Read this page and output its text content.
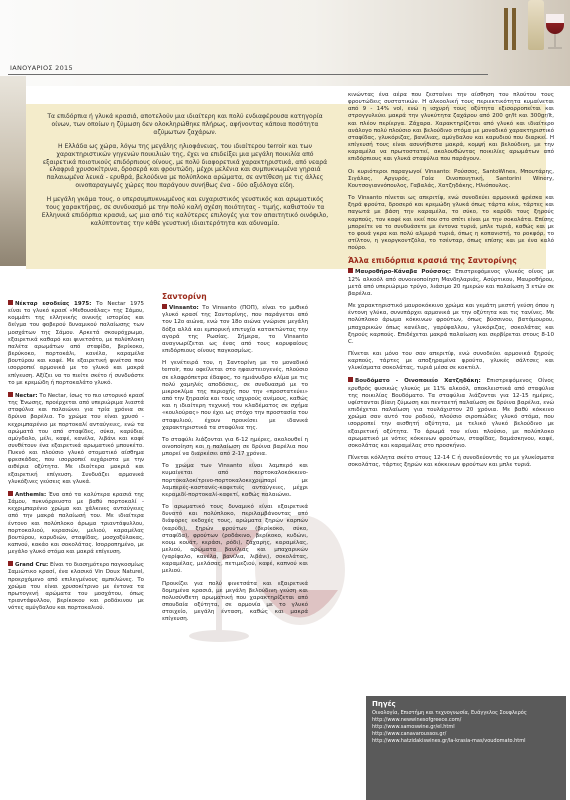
ΙΑΝΟΥΑΡΙΟΣ 2015

Τα επιδόρπια ή γλυκά κρασιά, αποτελούν μια ιδιαίτερη και πολύ ενδιαφέρουσα κατηγορία οίνων, των οποίων η ζύμωση δεν ολοκληρώθηκε πλήρως, αφήνοντας κάποια ποσότητα αζύμωτων ζαχάρων.

Η Ελλάδα ως χώρα, λόγω της μεγάλης ηλιοφάνειας, του ιδιαίτερου terroir και των χαρακτηριστικών γηγενών ποικιλιών της, έχει να επιδείξει μια μεγάλη ποικιλία από εξαιρετικά ποιοτικούς επιδόρπιους οίνους, με πολύ διαφορετικά χαρακτηριστικά, από νεαρά ελαφριά χρυσοκίτρινα, δροσερά και φρουτώδη, μέχρι μελένια και συμπυκνωμένα γηραιά παλαιωμένα λευκά - ερυθρά, βελούδινα με πολύπλοκα αρώματα, σε αντίθεση με τις άλλες οινοπαραγωγές χώρες που παράγουν συνήθως ένα - δύο αξιόλογα είδη.

Η μεγάλη γκάμα τους, ο υπερσυμπυκνωμένος και ευχαριστικός γευστικός και αρωματικός τους χαρακτήρας, σε συνδυασμό με την πολύ καλή σχέση ποιότητας - τιμής, καθιστούν τα Ελληνικά επιδόρπια κρασιά, ως μια από τις καλύτερες επιλογές για τον απαιτητικό οινόφιλο, καλύπτοντας την κάθε γευστική ιδιαιτερότητα και αδυναμία.

Νέκταρ εσοδείας 1975: Το Nectar 1975 είναι το γλυκό κρασί «Μεθουσάλας» της Σάμου, κομμάτι της ελληνικής οινικής ιστορίας και δείγμα του φοβερού δυναμικού παλαίωσης των μοσχάτων της Σάμου. Αρκετά σκουρόχρωμο, εξαιρετικά καθαρό και φινετσάτο, με πολύπλοκη παλέτα αρωμάτων από σταφίδα, βερίκοκο, βερύκοκο, πορτοκάλι, κανέλα, καραμέλα βουτύρου και καφέ. Με εξαιρετική φινέτσα που ισορροπεί αρμονικά με το γλυκό και μακρά επίγευση. Αξίζει να το πιείτε σκέτο ή συνδυάστε το με κρεμώδη ή πορτοκαλάτο γλυκό.

Nectar: Το Nectar, ίσως το πιο ιστορικό κρασί της Ένωσης, προέρχεται από υπεριώριμα λιαστά σταφύλια και παλαιώνει για τρία χρόνια σε δρύινα βαρέλια. Το χρώμα του είναι χρυσό - κεχριμπαρένιο με πορτοκαλί ανταύγειες, ενώ τα αρώματά του από σταφίδες, σύκα, καρύδια, αμύγδαλο, μέλι, καφέ, κανέλα, λιβάνι και καφέ συνθέτουν ένα εξαιρετικά αρωματικό μπουκέτο. Πυκνό και πλούσιο γλυκό στοματικό αίσθημα φρεσκάδας, που ισορροπεί ευχάριστα με την αιθέρια οξύτητα. Με ιδιαίτερα μακριά και εξαιρετική επίγευση. Συνδυάζει αρμονικά γλυκόξινες γεύσεις και γλυκά.

Anthemis: Ένα από τα καλύτερα κρασιά της Σάμου, πυκνόρρευστο με βαθύ πορτοκαλί - κεχριμπαρένιο χρώμα και χάλκινες ανταύγειες από την μακρά παλαίωσή του. Με ιδιαίτερα έντονο και πολύπλοκο άρωμα τριαντάφυλλου, πορτοκαλιού, κερασιών, μελιού, καραμέλας βουτύρου, καρυδιών, σταφίδας, μοσχοξύλακας, καπνού, κακάο και σοκολάτας. Ισορροπημένο, με μεγάλο γλυκό στόμα και μακρά επίγευση.

Grand Cru: Είναι το διασημότερο παγκοσμίως Σαμιώτικο κρασί, ένα κλασικό Vin Doux Naturel, προερχόμενο από επιλεγμένους αμπελώνες. Το χρώμα του είναι χρυσοκίτρινο με έντονα τα πρωτογενή αρώματα του μοσχάτου, όπως τριαντάφυλλου, βερίκοκου και ροδάκινου με νότες αμύγδαλου και πορτοκαλιού.

Σαντορίνη

Vinsanto: Το Vinsanto (ΠΟΠ), είναι το μυθικό γλυκό κρασί της Σαντορίνης, που παράγεται από τον 12ο αιώνα, ενώ τον 18ο αιώνα γνώρισε μεγάλη δόξα αλλά και εμπορική επιτυχία κατακτώντας την αγορά της Ρωσίας. Σήμερα, το Vinsanto αναγνωρίζεται ως ένας από τους κορυφαίους επιδόρπιους οίνους παγκοσμίως.

Η γενέτειρά του, η Σαντορίνη με το μοναδικό terroir, που οφείλεται στο ηφαιστειογενές, πλούσιο σε ελαφρόπετρα έδαφος, το ημιάνυδρο κλίμα με τις πολύ χαμηλές αποδόσεις, σε συνδυασμό με το μικροκλίμα της περιοχής που την «προστατεύει» από την ξηρασία και τους ισχυρούς ανέμους, καθώς και η ιδιαίτερη τεχνική του κλαδέματος σε σχήμα «κουλούρας» που έχει ως στόχο την προστασία του σταφυλιού, έχουν προικίσει με ιδανικά χαρακτηριστικά τα σταφύλια της.

Το σταφύλι λιάζονται για 6-12 ημέρες, ακολουθεί η οινοποίηση και η παλαίωση σε δρύινα βαρέλια που μπορεί να διαρκέσει από 2-17 χρόνια.

Το χρώμα των Vinsanto είναι λαμπερό και κυμαίνεται από πορτοκαλοκόκκινο-πορτοκαλοκίτρινο-πορτοκαλοκεχριμπαρί με λαμπερές-καστανές-καφετιές ανταύγειες, μέχρι κεραμιδί-πορτοκαλί-καφετί, καθώς παλαιώνει.

Το αρωματικό τους δυναμικό είναι εξαιρετικά δυνατό και πολύπλοκο, περιλαμβάνοντας από διάφορες εκδοχές τους, αρώματα ξηρών καρπών (καρύδι), ξηρών φρούτων (βερίκοκο, σύκο, σταφίδα), φρούτων (ροδάκινο, βερίκοκο, κυδώνι, κουμ κουάτ, κεράσι, ρόδι), ζάχαρης, καραμέλας, μελιού, αρώματα βανίλιας και μπαχαρικών (γαρίφαλο, κανέλα, βανίλια, λιβάνι), σοκολάτας, καραμέλας, μελάσας, πετιμεζιού, καφέ, καπνού και μελιού.

Προικίζει για πολύ φινετσάτα και εξαιρετικά δομημένα κρασιά, με μεγάλη βελούδινη γεύση και πολυσύνθετη αρωματική που χαρακτηρίζεται από σπουδαία οξύτητα, σε αρμονία με το γλυκό στοιχείο, μεγάλη ένταση, καθώς και μακρά επίγευση.

κινώντας ένα αέρα που ζεσταίνει την αίσθηση του πλούτου τους φρουτώδεις συστατικών. Η αλκοολική τους περιεκτικότητα κυμαίνεται από 9 - 14% vol, ενώ η ισχυρή τους οξύτητα εξισορροπείται και στρογγυλεύει μακρά την γλυκύτητα ζαχάρου από 200 gr/lt και 300gr/lt, και πλέον περίεργα. Ζάχαρα. Χαρακτηρίζεται από γλυκό και ιδιαίτερο ανάλογο πολύ πλούσιο και βελούδινο στόμα με μοναδικό χαρακτηριστικό σταφίδας, γλυκόριζας, βανίλιας, αμύγδαλου και καρυδιού που διαρκεί. Η επίγευσή τους είναι ασυνήθιστα μακρά, κομψή και βελούδινη, με την καραμέλα να πρωτοστατεί, ακολουθώντας ποικιλίες αρωμάτων από επιδόρπιους και γλυκά σταφύλια που παράγουν.

Οι κυριότεροι παραγωγοί Vinsanto: Ρούσσος, SantoWines, Μπουτάρης, Σιγάλας, Αργυρός, Γαία Οινοποιητική, Santorini Winery, Κουτσογιαννόπουλος, Γαβαλάς, Χατζηδάκης, Ηλιόπουλος.

Το Vinsanto πίνεται ως απεριτίφ, ενώ συνοδεύει αρμονικά φρέσκα και ξηρά φρούτα, δροσερό και κρεμώδη γλυκά όπως τάρτα κέικ, τάρτες και παγωτά με βάση την καραμέλα, το σύκο, το καρύδι τους ξηρούς καρπούς, τον καφέ και εκεί που στο σπίτι είναι με την σοκολάτα. Επίσης μπορείτε να το συνδυάσετε με έντονα τυριά, μπλε τυριά, καθώς και με το φουά γκρα και πολύ αλμυρά τυριά, όπως η κοπανιστή, το ροκφόρ, το στίλτον, η γκοργκοντζόλα, το τσένταρ, όπως επίσης και με ένα καλό πούρο.

Άλλα επιδόρπια κρασιά της Σαντορίνης

Μαυροθήρο-Κάναβα Ρούσσος: Επιστρεφόμενος γλυκός οίνος με 12% αλκοόλ από συνοινοποίηση Μανδηλαριάς, Ασύρτικου, Μαυροθήρου, μετά από υπεριώριμο τρύγο, λιάσιμο 20 ημερών και παλαίωση 3 ετών σε βαρέλια.

Με χαρακτηριστικό μαυροκόκκινο χρώμα και γεμάτη μεστή γεύση όπου η έντονη γλύκα, συνυπάρχει αρμονικά με την οξύτητα και τις τανίνες. Με πολύπλοκο άρωμα κόκκινων φρούτων, όπως βύσσινου, βατόμουρου, μπαχαρικών όπως κανέλας, γαρύφαλλου, γλυκόριζας, σοκολάτας και ξηρούς καρπούς. Επιδέχεται μακρά παλαίωση και σερβίρεται στους 8-10 C.

Πίνεται και μόνο του σαν απεριτίφ, ενώ συνοδεύει αρμονικά ξηρούς καρπούς, τάρτες με αποξηραμένα φρούτα, γλυκές σάλτσες και γλυκίσματα σοκολάτας, τυριά μέσα σε κοκτέιλ.

Βουδόματο - Οινοποιείο Χατζηδάκη: Επιστρεφόμενος Οίνος ερυθρός φυσικώς γλυκύς με 11% αλκοόλ, αποκλειστικά από σταφύλια της ποικιλίας Βουδόματο. Τα σταφύλια λιάζονται για 12-15 ημέρες, υφίστανται βίαιη ζύμωση και πενταετή παλαίωση σε δρύινα βαρέλια, ενώ επιδέχεται παλαίωση για τουλάχιστον 20 χρόνια. Με βαθύ κόκκινο χρώμα σαν αυτό του ροδιού, πλούσιο σιροπιώδες γλυκό στόμα, που ισορροπεί την αισθητή οξύτητα, με τελικό γλυκό βελούδινο με εξαιρετική οξύτητα. Το άρωμά του είναι πλούσιο, με πολύπλοκο αρωματικό με νότες κόκκινων φρούτων, σταφίδας, δαμάσκηνου, καφέ, σοκολάτας και καραμέλας στο προσκήνιο.

Πίνεται κόλλητα σκέτο στους 12-14 C ή συνοδεύοντάς το με γλυκίσματα σοκολάτας, τάρτες ξηρών και κόκκινων φρούτων και μπλε τυριά.

Πηγές
Οινολογία, Επιστήμη και τεχνογνωσία, Ευάγγελος Σουφλερός
http://www.newwinesofgreece.com/
http://www.samoswine.gr/el.html
http://www.canavaroussos.gr/
http://www.hatzidakiswines.gr/la-krasia-mas/voudomato.html
